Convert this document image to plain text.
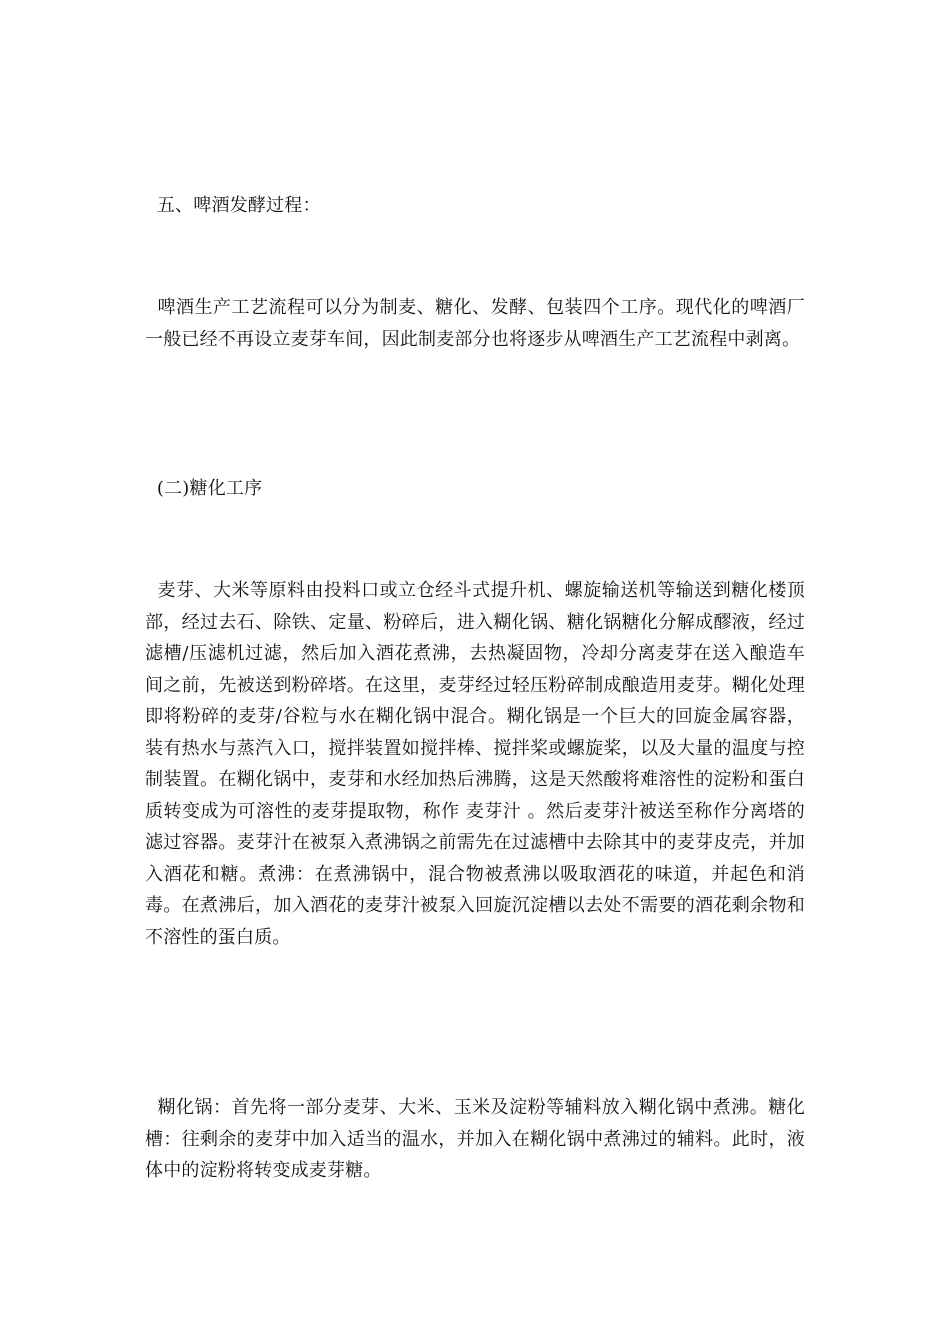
五、啤酒发酵过程：

啤酒生产工艺流程可以分为制麦、糖化、发酵、包装四个工序。现代化的啤酒厂一般已经不再设立麦芽车间，因此制麦部分也将逐步从啤酒生产工艺流程中剥离。

(二)糖化工序

麦芽、大米等原料由投料口或立仓经斗式提升机、螺旋输送机等输送到糖化楼顶部，经过去石、除铁、定量、粉碎后，进入糊化锅、糖化锅糖化分解成醪液，经过滤槽/压滤机过滤，然后加入酒花煮沸，去热凝固物，冷却分离麦芽在送入酿造车间之前，先被送到粉碎塔。在这里，麦芽经过轻压粉碎制成酿造用麦芽。糊化处理即将粉碎的麦芽/谷粒与水在糊化锅中混合。糊化锅是一个巨大的回旋金属容器，装有热水与蒸汽入口，搅拌装置如搅拌棒、搅拌桨或螺旋桨，以及大量的温度与控制装置。在糊化锅中，麦芽和水经加热后沸腾，这是天然酸将难溶性的淀粉和蛋白质转变成为可溶性的麦芽提取物，称作 麦芽汁 。然后麦芽汁被送至称作分离塔的滤过容器。麦芽汁在被泵入煮沸锅之前需先在过滤槽中去除其中的麦芽皮壳，并加入酒花和糖。煮沸：在煮沸锅中，混合物被煮沸以吸取酒花的味道，并起色和消毒。在煮沸后，加入酒花的麦芽汁被泵入回旋沉淀槽以去处不需要的酒花剩余物和不溶性的蛋白质。

糊化锅：首先将一部分麦芽、大米、玉米及淀粉等辅料放入糊化锅中煮沸。糖化槽：往剩余的麦芽中加入适当的温水，并加入在糊化锅中煮沸过的辅料。此时，液体中的淀粉将转变成麦芽糖。
